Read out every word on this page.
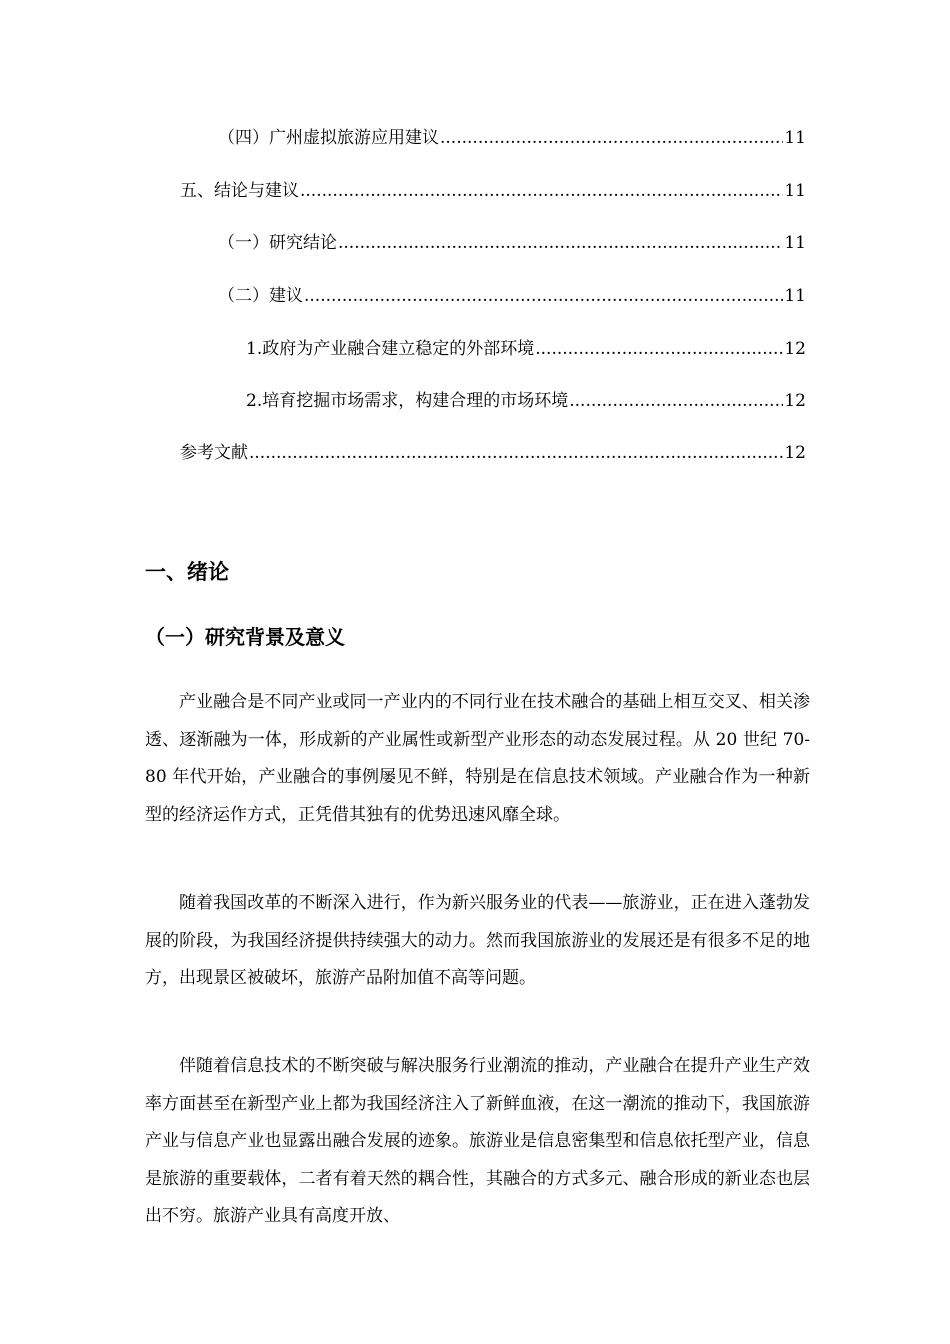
（四）广州虚拟旅游应用建议 .....	11
五、结论与建议 .....	11
（一）研究结论 .....	11
（二）建议 .....	11
1.政府为产业融合建立稳定的外部环境 .....	12
2.培育挖掘市场需求，构建合理的市场环境 .....	12
参考文献 .....	12
一、绪论
（一）研究背景及意义

产业融合是不同产业或同一产业内的不同行业在技术融合的基础上相互交叉、相关渗透、逐渐融为一体，形成新的产业属性或新型产业形态的动态发展过程。从 20 世纪 70-80 年代开始，产业融合的事例屡见不鲜，特别是在信息技术领域。产业融合作为一种新型的经济运作方式，正凭借其独有的优势迅速风靡全球。

随着我国改革的不断深入进行，作为新兴服务业的代表——旅游业，正在进入蓬勃发展的阶段，为我国经济提供持续强大的动力。然而我国旅游业的发展还是有很多不足的地方，出现景区被破坏，旅游产品附加值不高等问题。

伴随着信息技术的不断突破与解决服务行业潮流的推动，产业融合在提升产业生产效率方面甚至在新型产业上都为我国经济注入了新鲜血液，在这一潮流的推动下，我国旅游产业与信息产业也显露出融合发展的迹象。旅游业是信息密集型和信息依托型产业，信息是旅游的重要载体，二者有着天然的耦合性，其融合的方式多元、融合形成的新业态也层出不穷。旅游产业具有高度开放、
